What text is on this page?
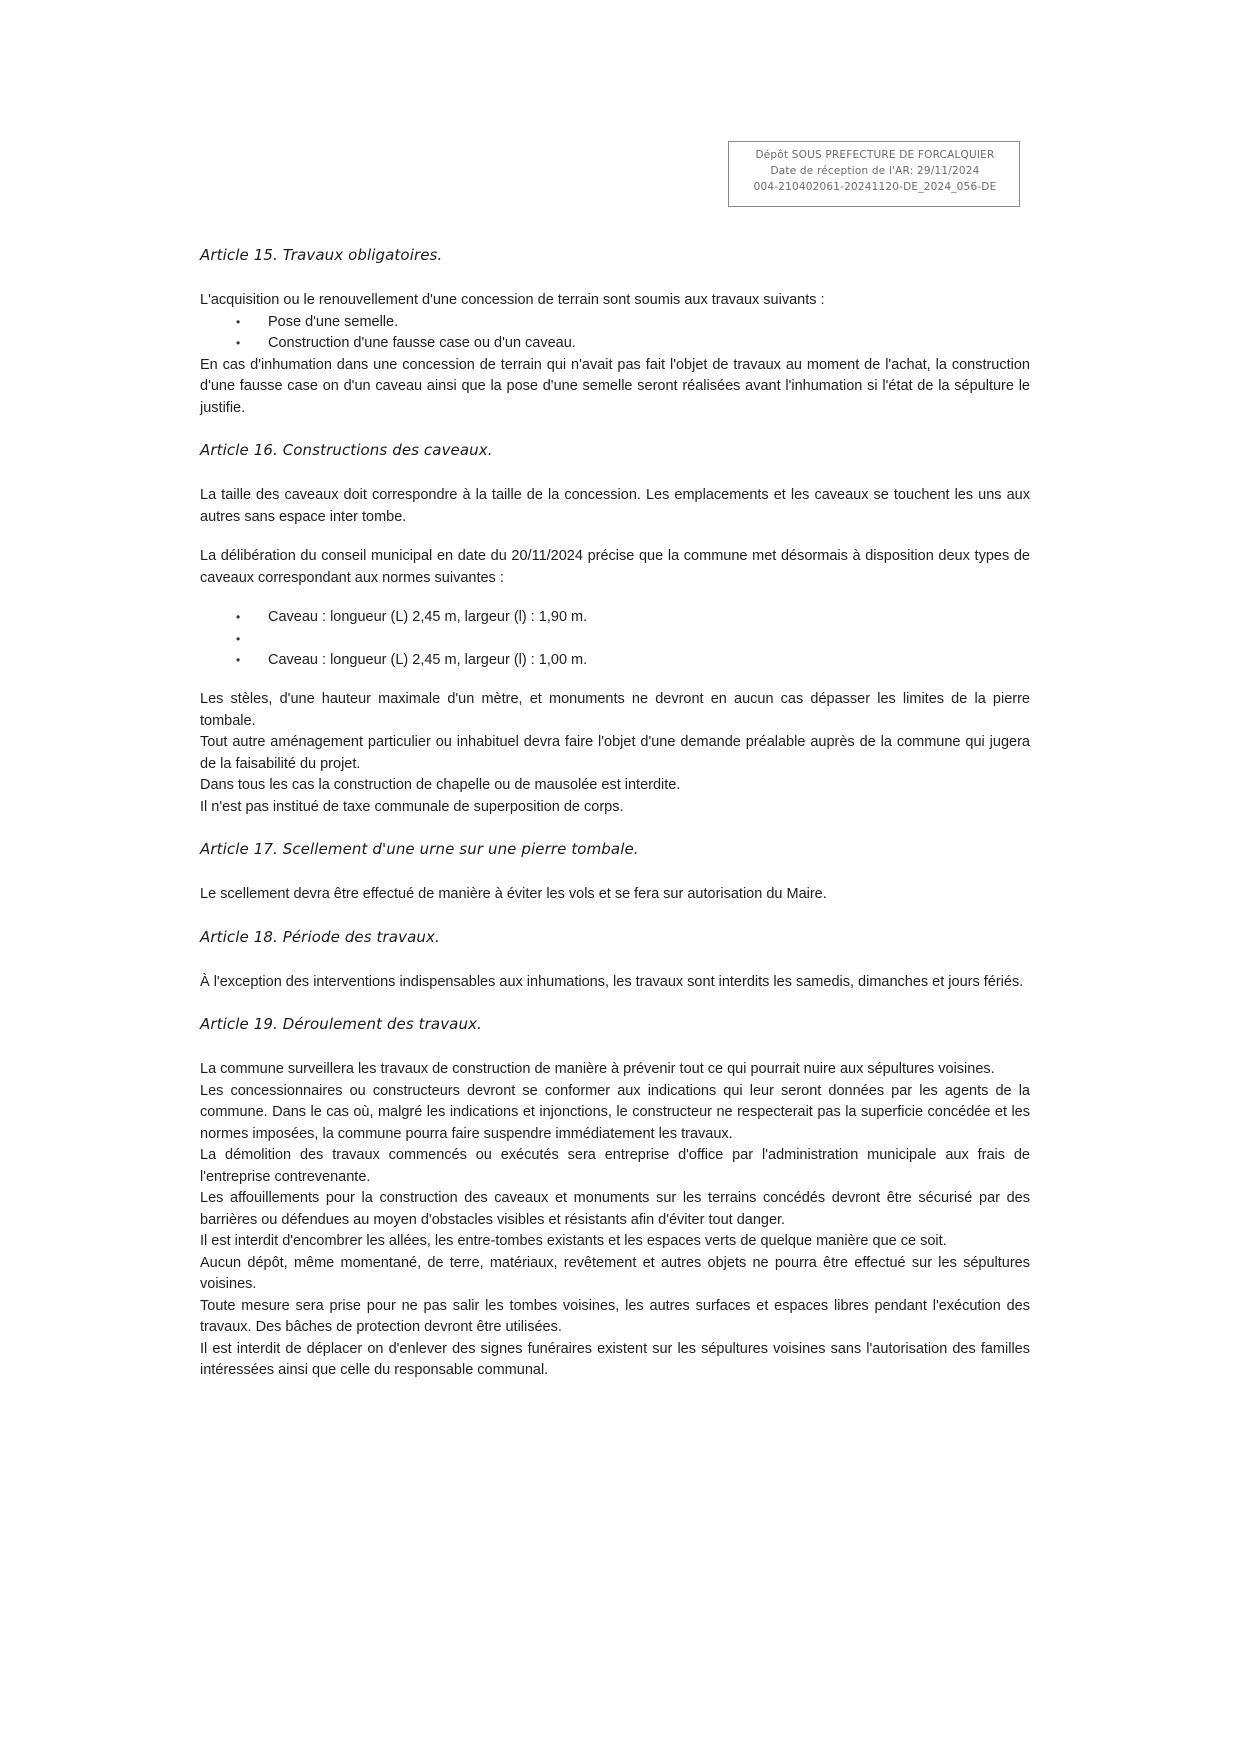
Dépôt SOUS PREFECTURE DE FORCALQUIER
Date de réception de l'AR: 29/11/2024
004-210402061-20241120-DE_2024_056-DE
Article 15. Travaux obligatoires.

L'acquisition ou le renouvellement d'une concession de terrain sont soumis aux travaux suivants :

• Pose d'une semelle.
• Construction d'une fausse case ou d'un caveau.

En cas d'inhumation dans une concession de terrain qui n'avait pas fait l'objet de travaux au moment de l'achat, la construction d'une fausse case on d'un caveau ainsi que la pose d'une semelle seront réalisées avant l'inhumation si l'état de la sépulture le justifie.

Article 16. Constructions des caveaux.

La taille des caveaux doit correspondre à la taille de la concession. Les emplacements et les caveaux se touchent les uns aux autres sans espace inter tombe.

La délibération du conseil municipal en date du 20/11/2024 précise que la commune met désormais à disposition deux types de caveaux correspondant aux normes suivantes :

• Caveau : longueur (L) 2,45 m, largeur (l) : 1,90 m.
•
• Caveau : longueur (L) 2,45 m, largeur (l) : 1,00 m.

Les stèles, d'une hauteur maximale d'un mètre, et monuments ne devront en aucun cas dépasser les limites de la pierre tombale.

Tout autre aménagement particulier ou inhabituel devra faire l'objet d'une demande préalable auprès de la commune qui jugera de la faisabilité du projet.

Dans tous les cas la construction de chapelle ou de mausolée est interdite.

Il n'est pas institué de taxe communale de superposition de corps.

Article 17. Scellement d'une urne sur une pierre tombale.

Le scellement devra être effectué de manière à éviter les vols et se fera sur autorisation du Maire.

Article 18. Période des travaux.

À l'exception des interventions indispensables aux inhumations, les travaux sont interdits les samedis, dimanches et jours fériés.

Article 19. Déroulement des travaux.

La commune surveillera les travaux de construction de manière à prévenir tout ce qui pourrait nuire aux sépultures voisines.

Les concessionnaires ou constructeurs devront se conformer aux indications qui leur seront données par les agents de la commune. Dans le cas où, malgré les indications et injonctions, le constructeur ne respecterait pas la superficie concédée et les normes imposées, la commune pourra faire suspendre immédiatement les travaux.

La démolition des travaux commencés ou exécutés sera entreprise d'office par l'administration municipale aux frais de l'entreprise contrevenante.

Les affouillements pour la construction des caveaux et monuments sur les terrains concédés devront être sécurisé par des barrières ou défendues au moyen d'obstacles visibles et résistants afin d'éviter tout danger.

Il est interdit d'encombrer les allées, les entre-tombes existants et les espaces verts de quelque manière que ce soit.

Aucun dépôt, même momentané, de terre, matériaux, revêtement et autres objets ne pourra être effectué sur les sépultures voisines.

Toute mesure sera prise pour ne pas salir les tombes voisines, les autres surfaces et espaces libres pendant l'exécution des travaux. Des bâches de protection devront être utilisées.

Il est interdit de déplacer on d'enlever des signes funéraires existent sur les sépultures voisines sans l'autorisation des familles intéressées ainsi que celle du responsable communal.
